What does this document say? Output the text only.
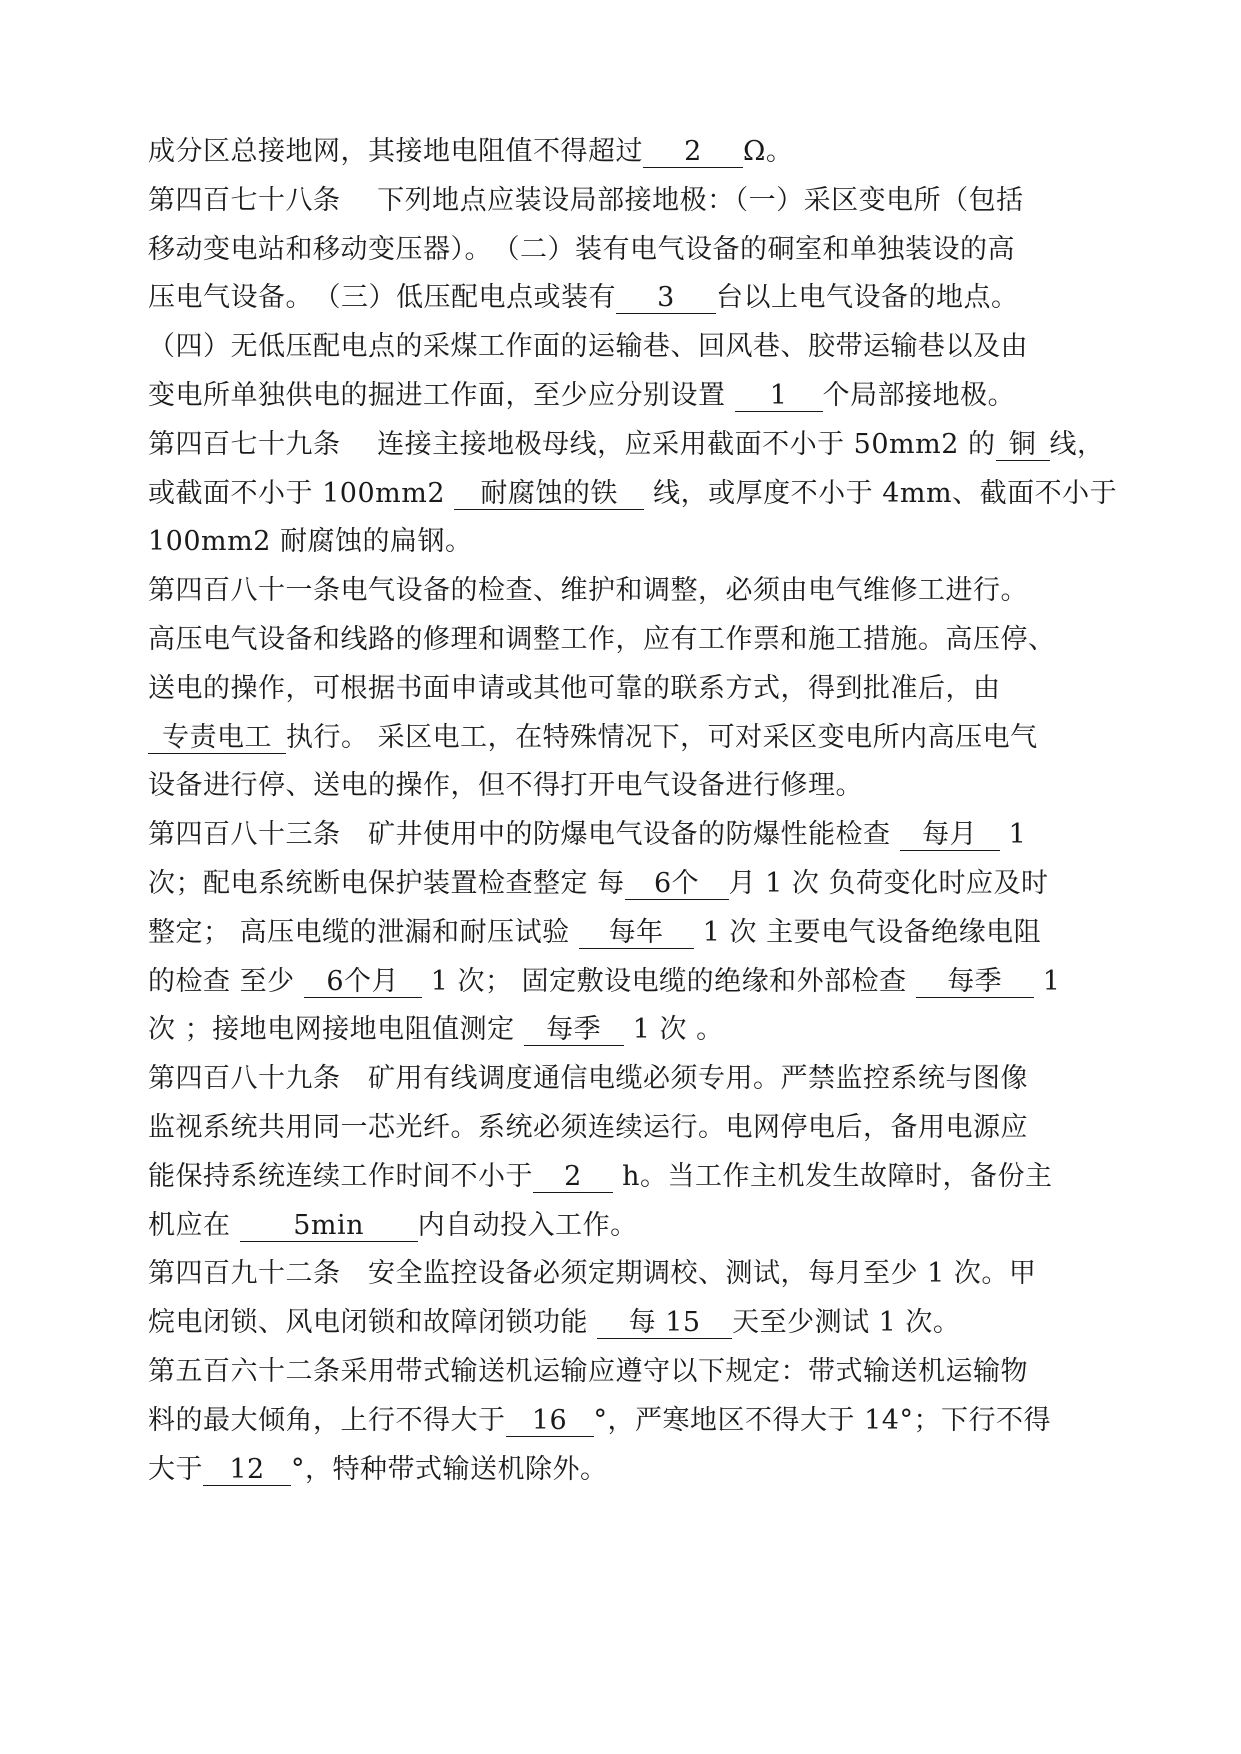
成分区总接地网，其接地电阻值不得超过 2 Ω。
第四百七十八条　 下列地点应装设局部接地极：（一）采区变电所（包括
移动变电站和移动变压器）。　（二）装有电气设备的硐室和单独装设的高
压电气设备。　（三）低压配电点或装有 3 台以上电气设备的地点。
（四）无低压配电点的采煤工作面的运输巷、回风巷、胶带运输巷以及由
变电所单独供电的掘进工作面，至少应分别设置 1 个局部接地极。
第四百七十九条　 连接主接地极母线，应采用截面不小于 50mm2 的 铜 线，
或截面不小于 100mm2 耐腐蚀的铁 线，或厚度不小于 4mm、截面不小于
100mm2 耐腐蚀的扁钢。
第四百八十一条电气设备的检查、维护和调整，必须由电气维修工进行。
高压电气设备和线路的修理和调整工作，应有工作票和施工措施。高压停、
送电的操作，可根据书面申请或其他可靠的联系方式，得到批准后，由
专责电工 执行。 采区电工，在特殊情况下，可对采区变电所内高压电气
设备进行停、送电的操作，但不得打开电气设备进行修理。
第四百八十三条　矿井使用中的防爆电气设备的防爆性能检查 每月 1
次；配电系统断电保护装置检查整定 每 6个 月 1 次 负荷变化时应及时
整定； 高压电缆的泄漏和耐压试验 每年 1 次 主要电气设备绝缘电阻
的检查 至少 6个月 1 次； 固定敷设电缆的绝缘和外部检查 每季 1
次 ；接地电网接地电阻值测定 每季 1 次 。
第四百八十九条　矿用有线调度通信电缆必须专用。严禁监控系统与图像
监视系统共用同一芯光纤。系统必须连续运行。电网停电后，备用电源应
能保持系统连续工作时间不小于 2 h。当工作主机发生故障时，备份主
机应在 5min 内自动投入工作。
第四百九十二条　安全监控设备必须定期调校、测试，每月至少 1 次。甲
烷电闭锁、风电闭锁和故障闭锁功能 每 15 天至少测试 1 次。
第五百六十二条采用带式输送机运输应遵守以下规定：带式输送机运输物
料的最大倾角，上行不得大于 16 °，严寒地区不得大于 14°；下行不得
大于 12 °，特种带式输送机除外。
